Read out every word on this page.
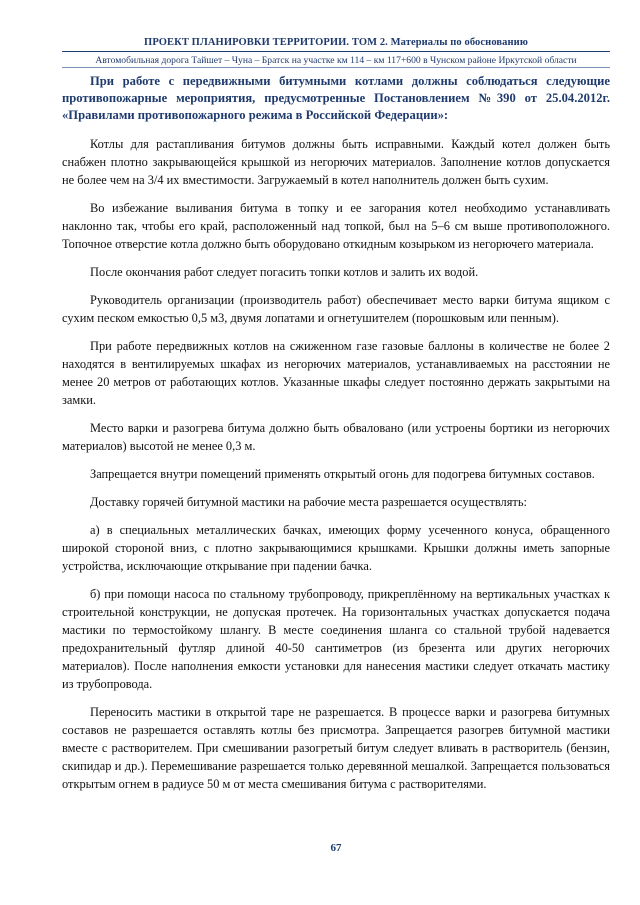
ПРОЕКТ ПЛАНИРОВКИ ТЕРРИТОРИИ. ТОМ 2. Материалы по обоснованию
Автомобильная дорога Тайшет – Чуна – Братск на участке км 114 – км 117+600 в Чунском районе Иркутской области

При работе с передвижными битумными котлами должны соблюдаться следующие противопожарные мероприятия, предусмотренные Постановлением №390 от 25.04.2012г. «Правилами противопожарного режима в Российской Федерации»:

Котлы для растапливания битумов должны быть исправными. Каждый котел должен быть снабжен плотно закрывающейся крышкой из негорючих материалов. Заполнение котлов допускается не более чем на 3/4 их вместимости. Загружаемый в котел наполнитель должен быть сухим.

Во избежание выливания битума в топку и ее загорания котел необходимо устанавливать наклонно так, чтобы его край, расположенный над топкой, был на 5–6 см выше противоположного. Топочное отверстие котла должно быть оборудовано откидным козырьком из негорючего материала.

После окончания работ следует погасить топки котлов и залить их водой.

Руководитель организации (производитель работ) обеспечивает место варки битума ящиком с сухим песком емкостью 0,5 м3, двумя лопатами и огнетушителем (порошковым или пенным).

При работе передвижных котлов на сжиженном газе газовые баллоны в количестве не более 2 находятся в вентилируемых шкафах из негорючих материалов, устанавливаемых на расстоянии не менее 20 метров от работающих котлов. Указанные шкафы следует постоянно держать закрытыми на замки.

Место варки и разогрева битума должно быть обваловано (или устроены бортики из негорючих материалов) высотой не менее 0,3 м.

Запрещается внутри помещений применять открытый огонь для подогрева битумных составов.

Доставку горячей битумной мастики на рабочие места разрешается осуществлять:

а) в специальных металлических бачках, имеющих форму усеченного конуса, обращенного широкой стороной вниз, с плотно закрывающимися крышками. Крышки должны иметь запорные устройства, исключающие открывание при падении бачка.

б) при помощи насоса по стальному трубопроводу, прикреплённому на вертикальных участках к строительной конструкции, не допуская протечек. На горизонтальных участках допускается подача мастики по термостойкому шлангу. В месте соединения шланга со стальной трубой надевается предохранительный футляр длиной 40-50 сантиметров (из брезента или других негорючих материалов). После наполнения емкости установки для нанесения мастики следует откачать мастику из трубопровода.

Переносить мастики в открытой таре не разрешается. В процессе варки и разогрева битумных составов не разрешается оставлять котлы без присмотра. Запрещается разогрев битумной мастики вместе с растворителем. При смешивании разогретый битум следует вливать в растворитель (бензин, скипидар и др.). Перемешивание разрешается только деревянной мешалкой. Запрещается пользоваться открытым огнем в радиусе 50 м от места смешивания битума с растворителями.

67
